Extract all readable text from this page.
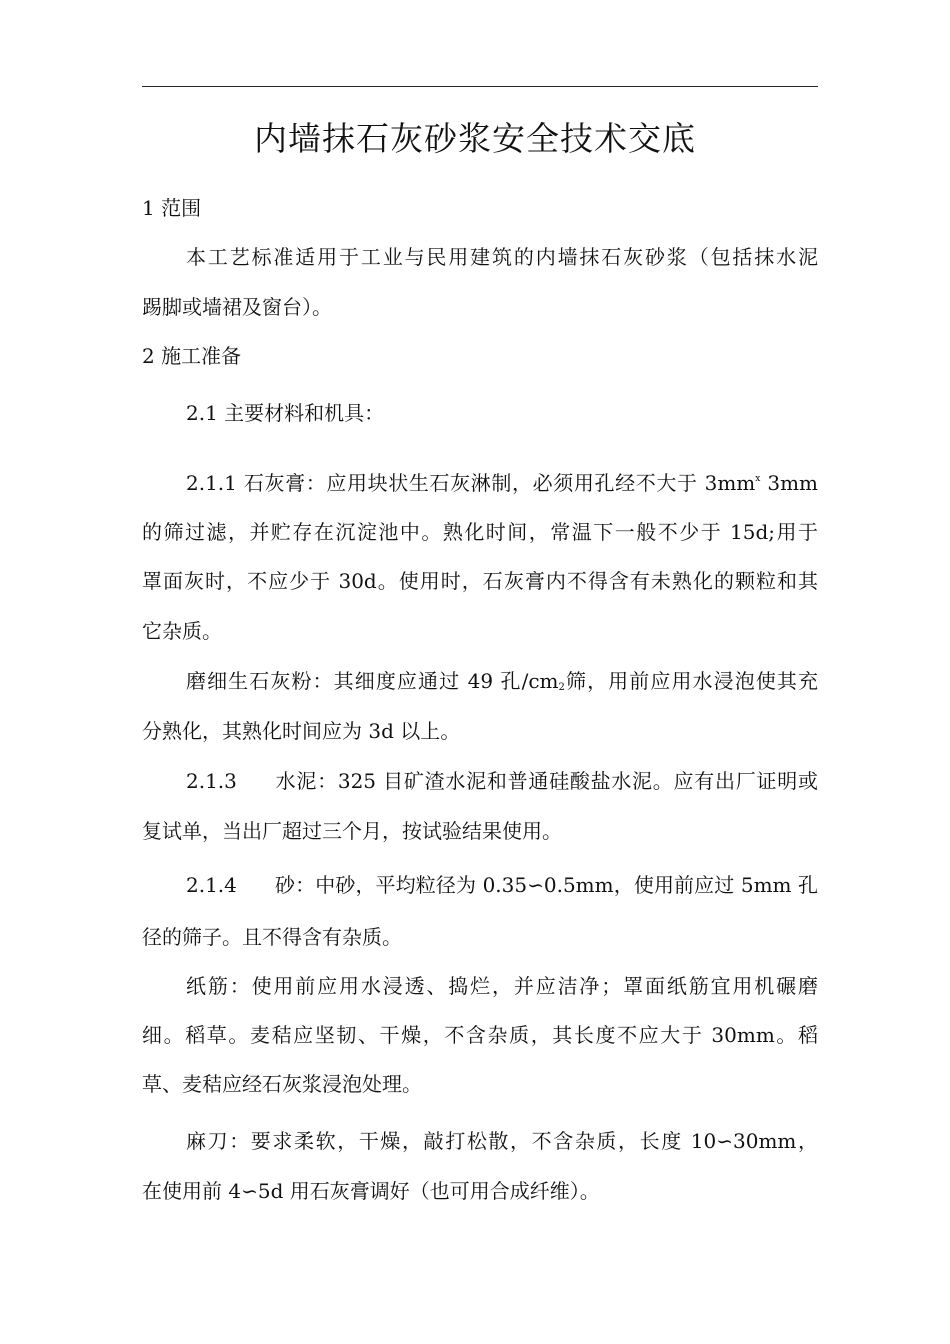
内墙抹石灰砂浆安全技术交底

1 范围

本工艺标准适用于工业与民用建筑的内墙抹石灰砂浆（包括抹水泥

踢脚或墙裙及窗台）。

2 施工准备

2.1 主要材料和机具：

2.1.1 石灰膏：应用块状生石灰淋制，必须用孔经不大于 $3mm^x$ 3mm

的筛过滤，并贮存在沉淀池中。熟化时间，常温下一般不少于 15d;用于

罩面灰时，不应少于 30d。使用时，石灰膏内不得含有未熟化的颗粒和其

它杂质。

磨细生石灰粉：其细度应通过 49 孔$/cm_2$筛，用前应用水浸泡使其充

分熟化，其熟化时间应为 3d 以上。

2.1.3 水泥：325 目矿渣水泥和普通硅酸盐水泥。应有出厂证明或

复试单，当出厂超过三个月，按试验结果使用。

2.1.4 砂：中砂，平均粒径为 0.35∽0.5mm，使用前应过 5mm 孔

径的筛子。且不得含有杂质。

纸筋：使用前应用水浸透、捣烂，并应洁净；罩面纸筋宜用机碾磨

细。稻草。麦秸应坚韧、干燥，不含杂质，其长度不应大于 30mm。稻

草、麦秸应经石灰浆浸泡处理。

麻刀：要求柔软，干燥，敲打松散，不含杂质，长度 10∽30mm，

在使用前 4∽5d 用石灰膏调好（也可用合成纤维）。
